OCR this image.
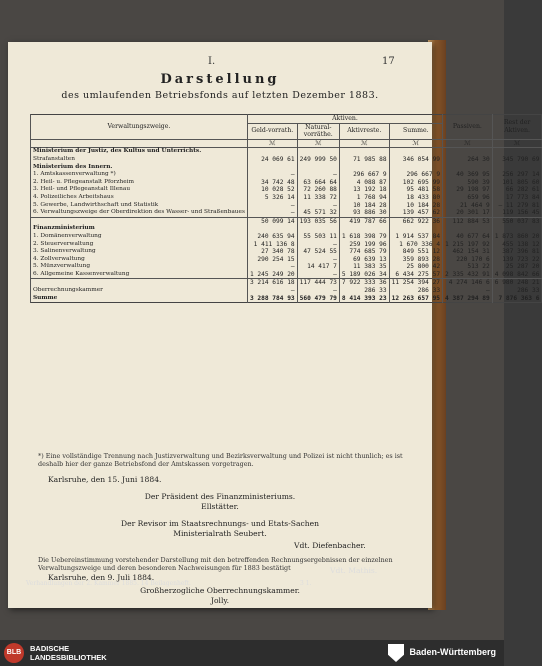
I.	17
Darstellung
des umlaufenden Betriebsfonds auf letzten Dezember 1883.
Verwaltungszweige.	Aktiven.				Passiven.	Rest der Aktiven.
	Geld-vorrath.	Natural-vorräthe.	Aktivreste.	Summe.		
	ℳ	ℳ	ℳ	ℳ	ℳ	ℳ
Ministerium der Justiz, des Kultus und Unterrichts.						
Strafanstalten	24 069 61	249 999 50	71 985 88	346 054 99	264 30	345 790 69
Ministerium des Innern.						
1. Amtskassenverwaltung *)	—	—	296 667 9	296 667 9	40 369 95	256 297 14
2. Heil- u. Pflegeanstalt Pforzheim	34 742 48	63 664 64	4 088 87	102 695 99	590 39	101 805 60
3. Heil- und Pflegeanstalt Illenau	10 028 52	72 260 88	13 192 18	95 481 58	29 198 97	66 282 61
4. Polizeiliches Arbeitshaus	5 326 14	11 338 72	1 768 94	18 433 80	659 96	17 773 84
5. Gewerbe, Landwirthschaft und Statistik	—	—	10 184 28	10 184 28	21 464 9	— 11 279 81
6. Verwaltungszweige der Oberdirektion des Wasser- und Straßenbaues	—	45 571 32	93 886 30	139 457 62	20 301 17	119 156 45
	50 099 14	193 035 56	419 787 66	662 922 36	112 884 53	550 037 83
Finanzministerium						
1. Domänenverwaltung	240 635 94	55 503 11	1 618 398 79	1 914 537 84	40 677 64	1 873 860 20
2. Steuerverwaltung	1 411 136 8	—	259 199 96	1 670 336 4	1 215 197 92	455 138 12
3. Salinenverwaltung	27 340 78	47 524 55	774 685 79	849 551 12	462 154 31	387 396 81
4. Zollverwaltung	290 254 15	—	69 639 13	359 893 28	220 170 6	139 723 22
5. Münzverwaltung	—	14 417 7	11 383 35	25 800 42	513 22	25 287 20
6. Allgemeine Kassenverwaltung	1 245 249 20	—	5 189 026 34	6 434 275 57	2 335 432 91	4 098 842 66
	3 214 616 18	117 444 73	7 922 333 36	11 254 394 27	4 274 146 6	6 980 248 21
Oberrechnungskammer	—	—	286 33	286 33	—	286 33
Summe	3 288 784 93	560 479 79	8 414 393 23	12 263 657 95	4 387 294 89	7 876 363 6
*) Eine vollständige Trennung nach Justizverwaltung und Bezirksverwaltung und Polizei ist nicht thunlich; es ist deshalb hier der ganze Betriebsfond der Amtskassen vorgetragen.
Karlsruhe, den 15. Juni 1884.
Der Präsident des Finanzministeriums.
Ellstätter.
Der Revisor im Staatsrechnungs- und Etats-Sachen
Ministerialrath Seubert.
Vdt. Diefenbacher.
Die Uebereinstimmung vorstehender Darstellung mit den betreffenden Rechnungsergebnissen der einzelnen Verwaltungszweige und deren besonderen Nachweisungen für 1883 bestätigt
Karlsruhe, den 9. Juli 1884.
Großherzogliche Oberrechnungskammer.
Jolly.
Vdt. Mathis.
Verhandlungen der 2. Kammer 1885. 14 Beilagenheft.	3 1.
BLB	BADISCHE
LANDESBIBLIOTHEK
Baden-Württemberg
